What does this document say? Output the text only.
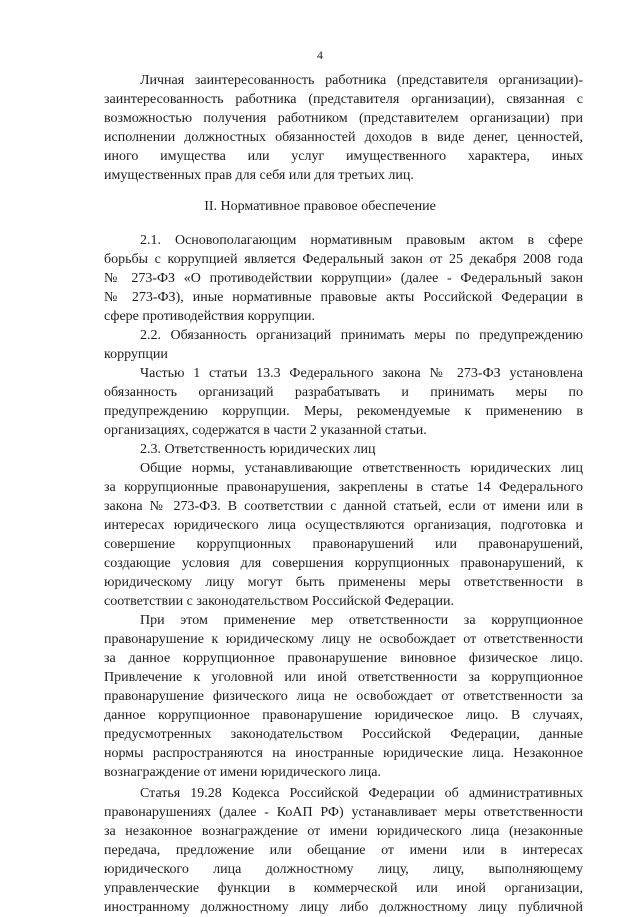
4
Личная заинтересованность работника (представителя организации)-
заинтересованность работника (представителя организации), связанная с
возможностью получения работником (представителем организации) при
исполнении должностных обязанностей доходов в виде денег, ценностей,
иного имущества или услуг имущественного характера, иных
имущественных прав для себя или для третьих лиц.
II. Нормативное правовое обеспечение
2.1. Основополагающим нормативным правовым актом в сфере
борьбы с коррупцией является Федеральный закон от 25 декабря 2008 года
№ 273-ФЗ «О противодействии коррупции» (далее - Федеральный закон
№ 273-ФЗ), иные нормативные правовые акты Российской Федерации в
сфере противодействия коррупции.
2.2. Обязанность организаций принимать меры по предупреждению
коррупции
Частью 1 статьи 13.3 Федерального закона № 273-ФЗ установлена
обязанность организаций разрабатывать и принимать меры по
предупреждению коррупции. Меры, рекомендуемые к применению в
организациях, содержатся в части 2 указанной статьи.
2.3. Ответственность юридических лиц
Общие нормы, устанавливающие ответственность юридических лиц
за коррупционные правонарушения, закреплены в статье 14 Федерального
закона № 273-ФЗ. В соответствии с данной статьей, если от имени или в
интересах юридического лица осуществляются организация, подготовка и
совершение коррупционных правонарушений или правонарушений,
создающие условия для совершения коррупционных правонарушений, к
юридическому лицу могут быть применены меры ответственности в
соответствии с законодательством Российской Федерации.
При этом применение мер ответственности за коррупционное
правонарушение к юридическому лицу не освобождает от ответственности
за данное коррупционное правонарушение виновное физическое лицо.
Привлечение к уголовной или иной ответственности за коррупционное
правонарушение физического лица не освобождает от ответственности за
данное коррупционное правонарушение юридическое лицо. В случаях,
предусмотренных законодательством Российской Федерации, данные
нормы распространяются на иностранные юридические лица. Незаконное
вознаграждение от имени юридического лица.
Статья 19.28 Кодекса Российской Федерации об административных
правонарушениях (далее - КоАП РФ) устанавливает меры ответственности
за незаконное вознаграждение от имени юридического лица (незаконные
передача, предложение или обещание от имени или в интересах
юридического лица должностному лицу, лицу, выполняющему
управленческие функции в коммерческой или иной организации,
иностранному должностному лицу либо должностному лицу публичной
